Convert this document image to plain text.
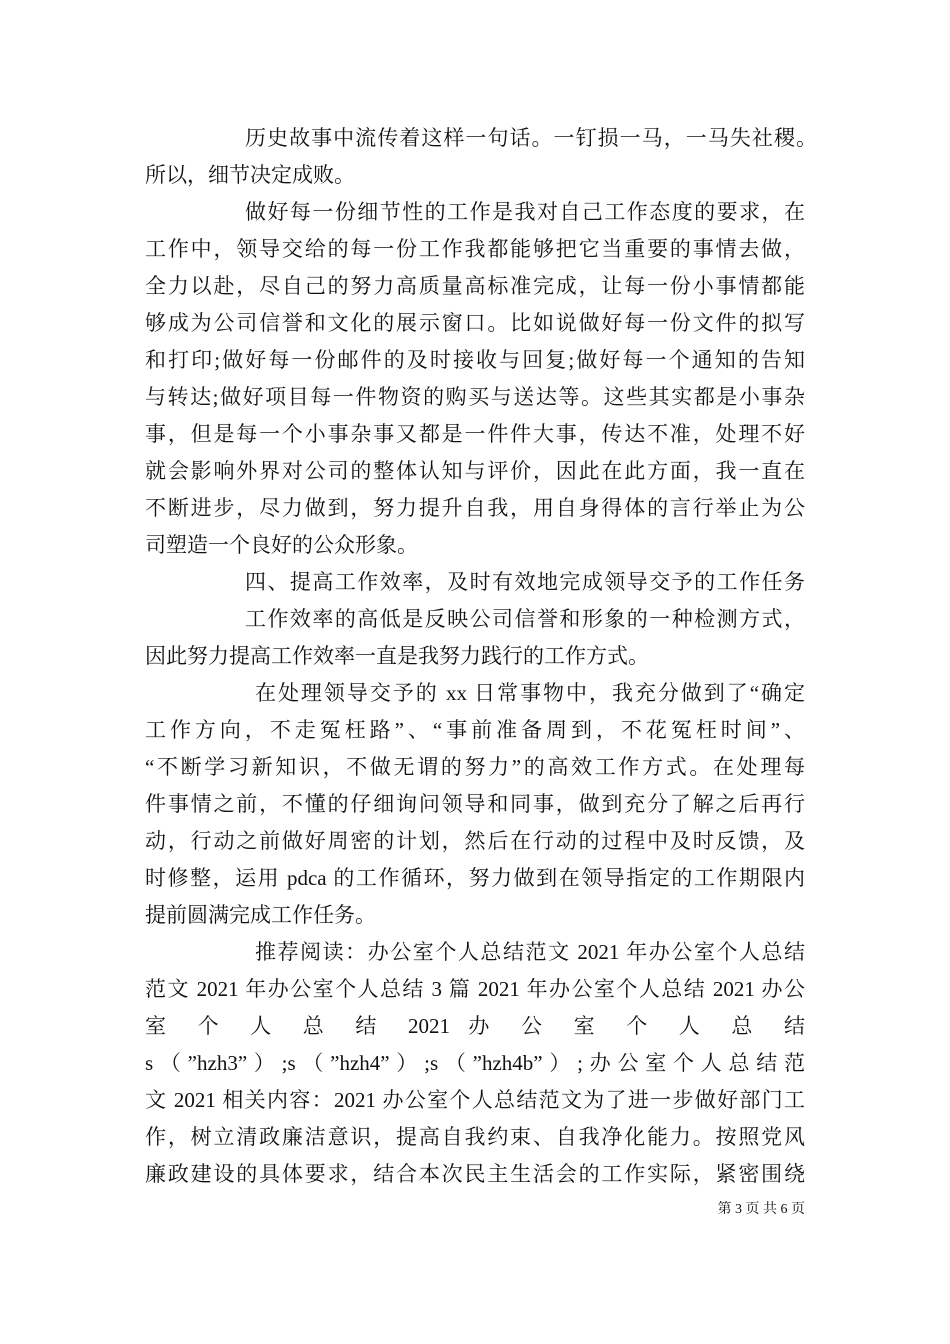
历史故事中流传着这样一句话。一钉损一马，一马失社稷。
所以，细节决定成败。
做好每一份细节性的工作是我对自己工作态度的要求，在
工作中，领导交给的每一份工作我都能够把它当重要的事情去做，
全力以赴，尽自己的努力高质量高标准完成，让每一份小事情都能
够成为公司信誉和文化的展示窗口。比如说做好每一份文件的拟写
和打印;做好每一份邮件的及时接收与回复;做好每一个通知的告知
与转达;做好项目每一件物资的购买与送达等。这些其实都是小事杂
事，但是每一个小事杂事又都是一件件大事，传达不准，处理不好
就会影响外界对公司的整体认知与评价，因此在此方面，我一直在
不断进步，尽力做到，努力提升自我，用自身得体的言行举止为公
司塑造一个良好的公众形象。
四、提高工作效率，及时有效地完成领导交予的工作任务
工作效率的高低是反映公司信誉和形象的一种检测方式，
因此努力提高工作效率一直是我努力践行的工作方式。
在处理领导交予的 xx 日常事物中，我充分做到了“确定
工作方向，不走冤枉路”、“事前准备周到，不花冤枉时间”、
“不断学习新知识，不做无谓的努力”的高效工作方式。在处理每
件事情之前，不懂的仔细询问领导和同事，做到充分了解之后再行
动，行动之前做好周密的计划，然后在行动的过程中及时反馈，及
时修整，运用 pdca 的工作循环，努力做到在领导指定的工作期限内
提前圆满完成工作任务。
推荐阅读：办公室个人总结范文 2021 年办公室个人总结
范文 2021 年办公室个人总结 3 篇 2021 年办公室个人总结 2021 办公
室 个 人 总 结 2021 办 公 室 个 人 总 结
s（”hzh3”）;s（”hzh4”）;s（”hzh4b”）;办公室个人总结范
文 2021 相关内容：2021 办公室个人总结范文为了进一步做好部门工
作，树立清政廉洁意识，提高自我约束、自我净化能力。按照党风
廉政建设的具体要求，结合本次民主生活会的工作实际，紧密围绕
第 3 页 共 6 页
